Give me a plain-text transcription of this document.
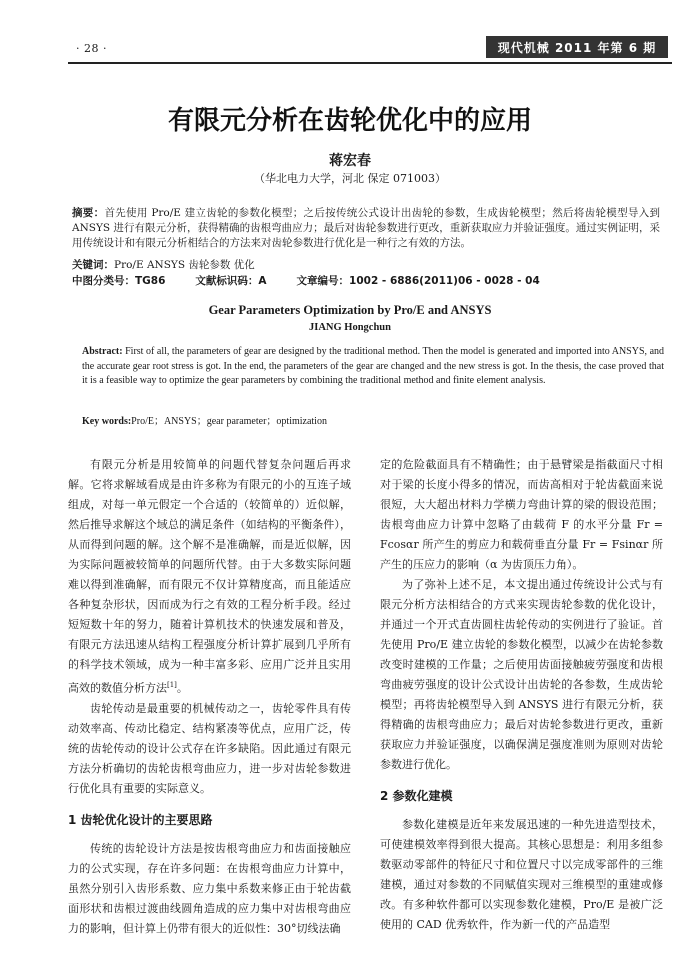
· 28 ·	现代机械 2011 年第 6 期
有限元分析在齿轮优化中的应用
蒋宏春
（华北电力大学，河北 保定 071003）
摘要：首先使用 Pro/E 建立齿轮的参数化模型；之后按传统公式设计出齿轮的参数，生成齿轮模型；然后将齿轮模型导入到 ANSYS 进行有限元分析，获得精确的齿根弯曲应力；最后对齿轮参数进行更改，重新获取应力并验证强度。通过实例证明，采用传统设计和有限元分析相结合的方法来对齿轮参数进行优化是一种行之有效的方法。
关键词：Pro/E ANSYS 齿轮参数 优化
中图分类号：TG86	文献标识码：A	文章编号：1002 - 6886(2011)06 - 0028 - 04
Gear Parameters Optimization by Pro/E and ANSYS
JIANG Hongchun
Abstract: First of all, the parameters of gear are designed by the traditional method. Then the model is generated and imported into ANSYS, and the accurate gear root stress is got. In the end, the parameters of the gear are changed and the new stress is got. In the thesis, the case proved that it is a feasible way to optimize the gear parameters by combining the traditional method and finite element analysis.
Key words:Pro/E；ANSYS；gear parameter；optimization

有限元分析是用较简单的问题代替复杂问题后再求解。它将求解域看成是由许多称为有限元的小的互连子域组成，对每一单元假定一个合适的（较简单的）近似解，然后推导求解这个域总的满足条件（如结构的平衡条件），从而得到问题的解。这个解不是准确解，而是近似解，因为实际问题被较简单的问题所代替。由于大多数实际问题难以得到准确解，而有限元不仅计算精度高，而且能适应各种复杂形状，因而成为行之有效的工程分析手段。经过短短数十年的努力，随着计算机技术的快速发展和普及，有限元方法迅速从结构工程强度分析计算扩展到几乎所有的科学技术领域，成为一种丰富多彩、应用广泛并且实用高效的数值分析方法[1]。

齿轮传动是最重要的机械传动之一，齿轮零件具有传动效率高、传动比稳定、结构紧凑等优点，应用广泛，传统的齿轮传动的设计公式存在许多缺陷。因此通过有限元方法分析确切的齿轮齿根弯曲应力，进一步对齿轮参数进行优化具有重要的实际意义。

1 齿轮优化设计的主要思路

传统的齿轮设计方法是按齿根弯曲应力和齿面接触应力的公式实现，存在许多问题：在齿根弯曲应力计算中，虽然分别引入齿形系数、应力集中系数来修正由于轮齿截面形状和齿根过渡曲线圆角造成的应力集中对齿根弯曲应力的影响，但计算上仍带有很大的近似性：30°切线法确

定的危险截面具有不精确性；由于悬臂梁是指截面尺寸相对于梁的长度小得多的情况，而齿高相对于轮齿截面来说很短，大大超出材料力学横力弯曲计算的梁的假设范围；齿根弯曲应力计算中忽略了由载荷 F 的水平分量 Fr = Fcosαr 所产生的剪应力和载荷垂直分量 Fr = Fsinαr 所产生的压应力的影响（α 为齿顶压力角）。

为了弥补上述不足，本文提出通过传统设计公式与有限元分析方法相结合的方式来实现齿轮参数的优化设计，并通过一个开式直齿圆柱齿轮传动的实例进行了验证。首先使用 Pro/E 建立齿轮的参数化模型，以减少在齿轮参数改变时建模的工作量；之后使用齿面接触疲劳强度和齿根弯曲疲劳强度的设计公式设计出齿轮的各参数，生成齿轮模型；再将齿轮模型导入到 ANSYS 进行有限元分析，获得精确的齿根弯曲应力；最后对齿轮参数进行更改，重新获取应力并验证强度，以确保满足强度准则为原则对齿轮参数进行优化。

2 参数化建模

参数化建模是近年来发展迅速的一种先进造型技术，可使建模效率得到很大提高。其核心思想是：利用多组参数驱动零部件的特征尺寸和位置尺寸以完成零部件的三维建模，通过对参数的不同赋值实现对三维模型的重建或修改。有多种软件都可以实现参数化建模，Pro/E 是被广泛使用的 CAD 优秀软件，作为新一代的产品造型
